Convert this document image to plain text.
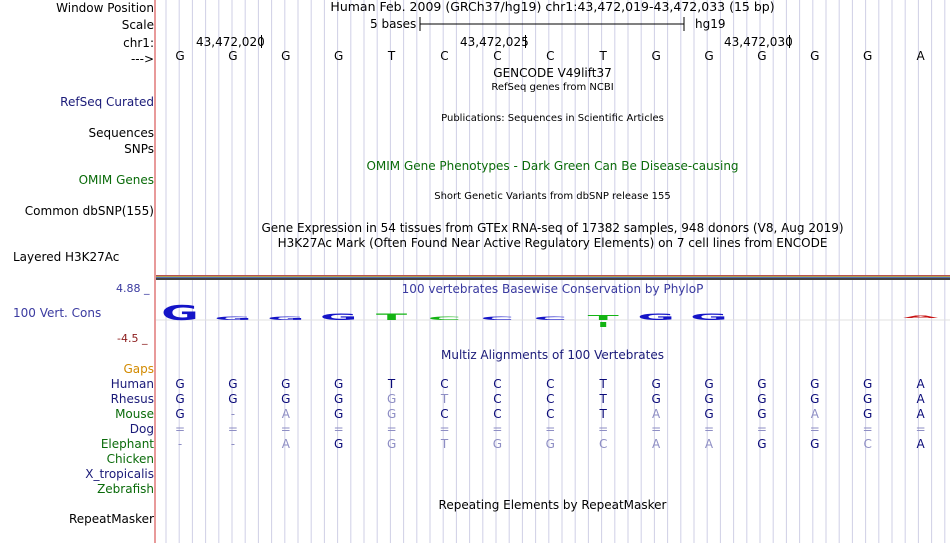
Window Position	Human Feb. 2009 (GRCh37/hg19) chr1:43,472,019-43,472,033 (15 bp)
Scale	5 bases	hg19
chr1:	43,472,020	43,472,025	43,472,030
---> G	G	G	G	T	C	C	C	T	G	G	G	G	G	A
GENCODE V49lift37
RefSeq genes from NCBI
RefSeq Curated
Publications: Sequences in Scientific Articles
Sequences
SNPs
OMIM Gene Phenotypes - Dark Green Can Be Disease-causing
OMIM Genes
Short Genetic Variants from dbSNP release 155
Common dbSNP(155)
Gene Expression in 54 tissues from GTEx RNA-seq of 17382 samples, 948 donors (V8, Aug 2019)
H3K27Ac Mark (Often Found Near Active Regulatory Elements) on 7 cell lines from ENCODE
Layered H3K27Ac
100 vertebrates Basewise Conservation by PhyloP
4.88 _
100 Vert. Cons
-4.5 _
G G G G T C C C T G G	A
Multiz Alignments of 100 Vertebrates
Gaps
Human G	G	G	G	T	C	C	C	T	G	G	G	G	G	A
Rhesus G	G	G	G	G	T	C	C	T	G	G	G	G	G	A
Mouse G	-	A	G	G	C	C	C	T	A	G	G	A	G	A
Dog =	=	=	=	=	=	=	=	=	=	=	=	=	=	=
Elephant	-	-	A	G	G	T	G	G	C	A	A	G	G	C	A
Chicken
X_tropicalis
Zebrafish
Repeating Elements by RepeatMasker
RepeatMasker
